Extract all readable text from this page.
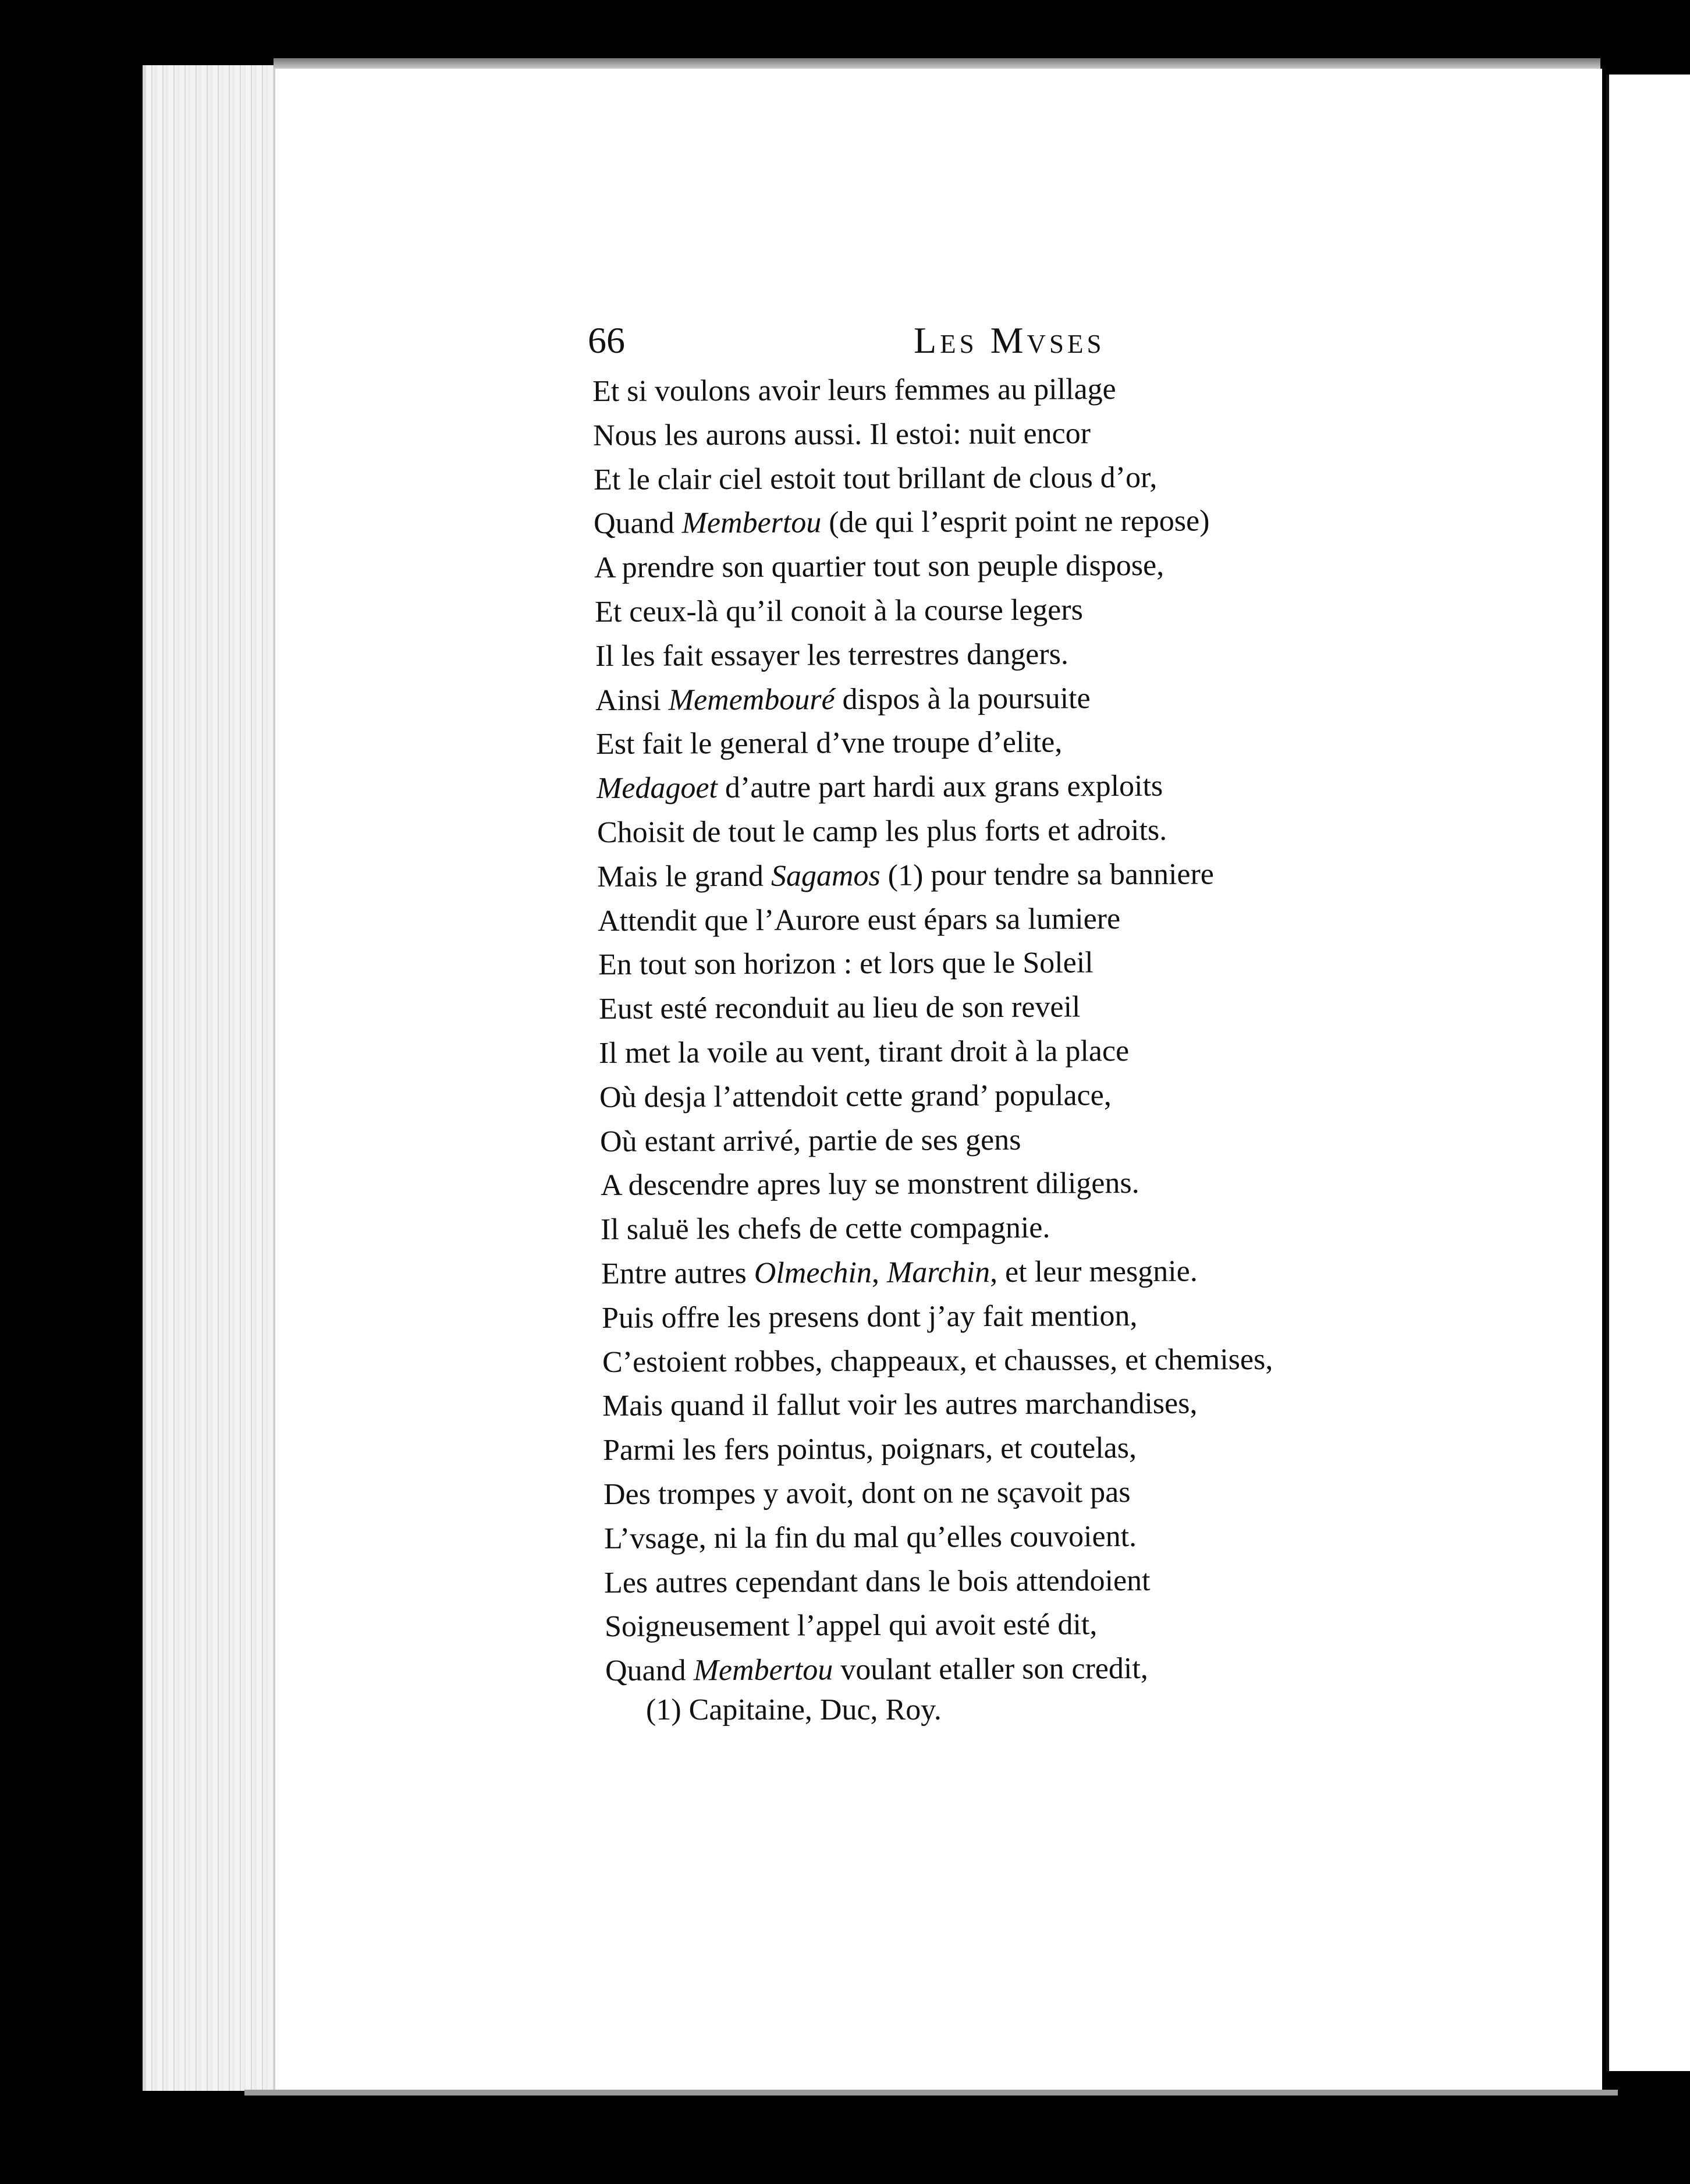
66	Les Mvses
Et si voulons avoir leurs femmes au pillage
Nous les aurons aussi. Il estoi: nuit encor
Et le clair ciel estoit tout brillant de clous d’or,
Quand Membertou (de qui l’esprit point ne repose)
A prendre son quartier tout son peuple dispose,
Et ceux-là qu’il conoit à la course legers
Il les fait essayer les terrestres dangers.
Ainsi Memembouré dispos à la poursuite
Est fait le general d’vne troupe d’elite,
Medagoet d’autre part hardi aux grans exploits
Choisit de tout le camp les plus forts et adroits.
Mais le grand Sagamos (1) pour tendre sa banniere
Attendit que l’Aurore eust épars sa lumiere
En tout son horizon : et lors que le Soleil
Eust esté reconduit au lieu de son reveil
Il met la voile au vent, tirant droit à la place
Où desja l’attendoit cette grand’ populace,
Où estant arrivé, partie de ses gens
A descendre apres luy se monstrent diligens.
Il saluë les chefs de cette compagnie.
Entre autres Olmechin, Marchin, et leur mesgnie.
Puis offre les presens dont j’ay fait mention,
C’estoient robbes, chappeaux, et chausses, et chemises,
Mais quand il fallut voir les autres marchandises,
Parmi les fers pointus, poignars, et coutelas,
Des trompes y avoit, dont on ne sçavoit pas
L’vsage, ni la fin du mal qu’elles couvoient.
Les autres cependant dans le bois attendoient
Soigneusement l’appel qui avoit esté dit,
Quand Membertou voulant etaller son credit,
(1) Capitaine, Duc, Roy.
